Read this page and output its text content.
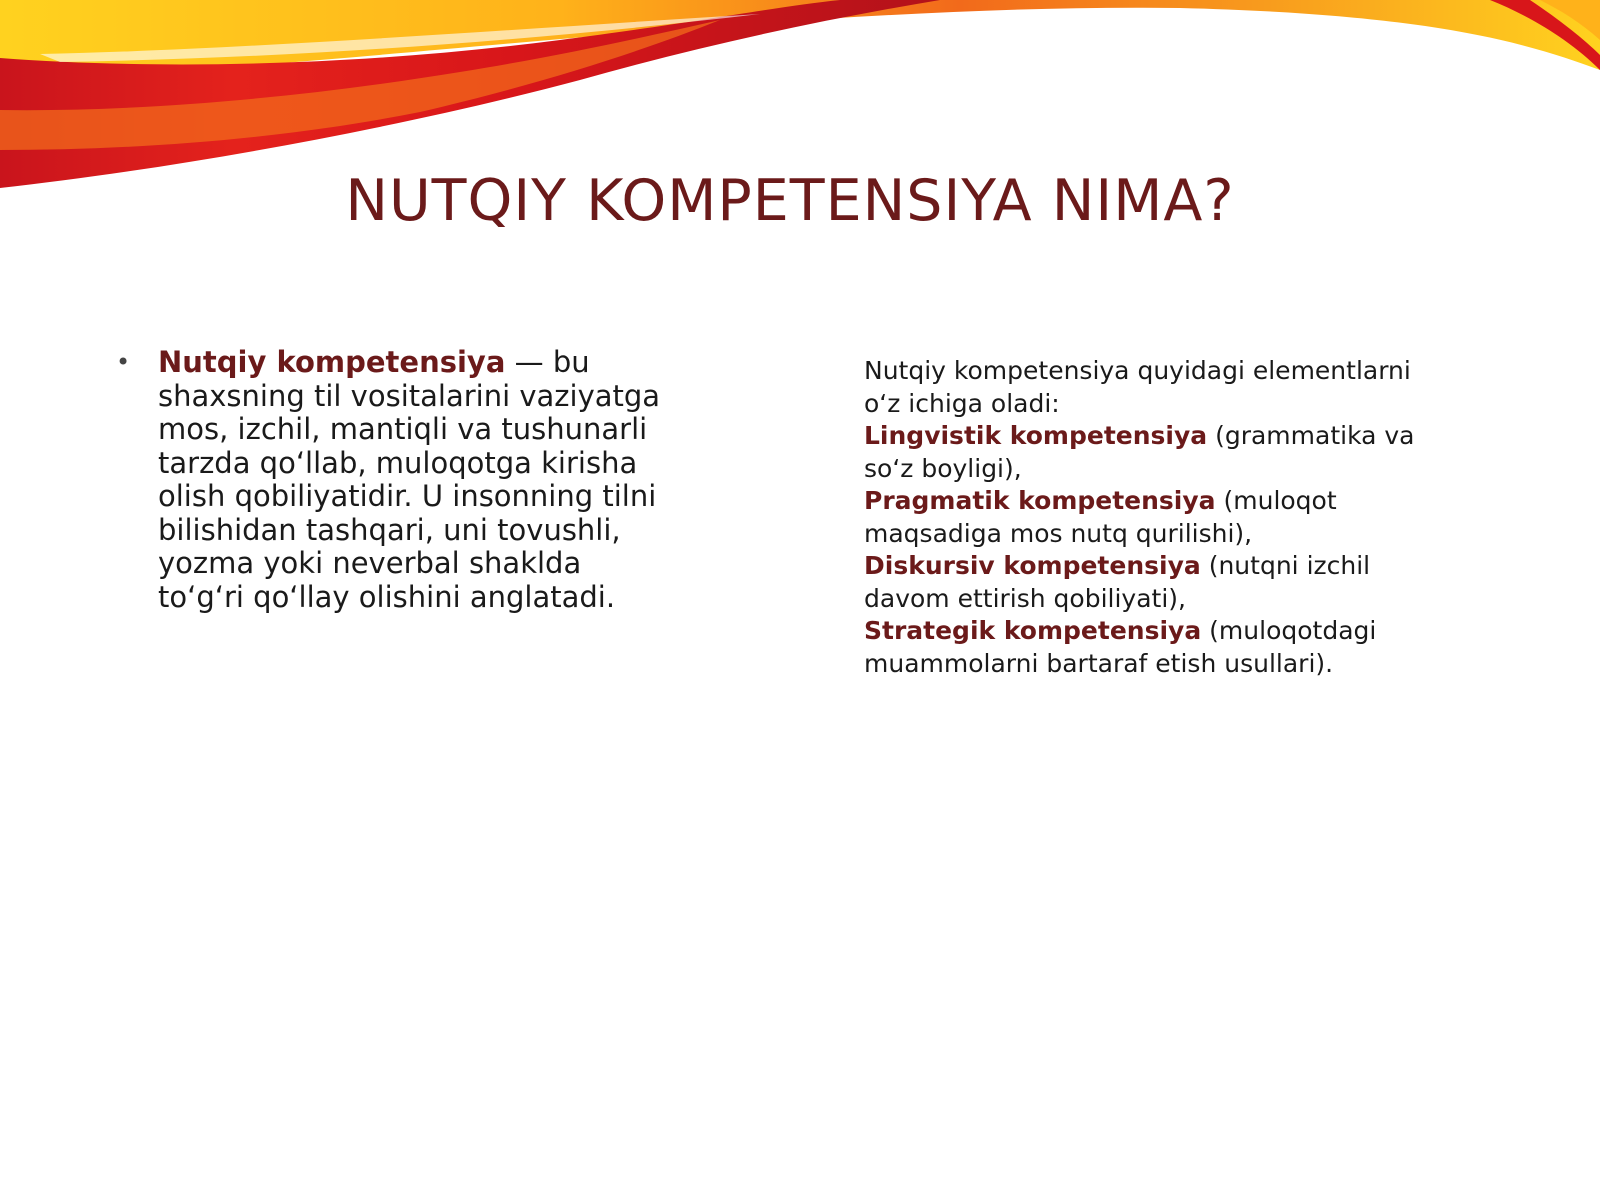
NUTQIY KOMPETENSIYA NIMA?
• Nutqiy kompetensiya — bu shaxsning til vositalarini vaziyatga mos, izchil, mantiqli va tushunarli tarzda qo‘llab, muloqotga kirisha olish qobiliyatidir. U insonning tilni bilishidan tashqari, uni tovushli, yozma yoki neverbal shaklda to‘g‘ri qo‘llay olishini anglatadi.

Nutqiy kompetensiya quyidagi elementlarni o‘z ichiga oladi:

Lingvistik kompetensiya (grammatika va so‘z boyligi),

Pragmatik kompetensiya (muloqot maqsadiga mos nutq qurilishi),

Diskursiv kompetensiya (nutqni izchil davom ettirish qobiliyati),

Strategik kompetensiya (muloqotdagi muammolarni bartaraf etish usullari).
